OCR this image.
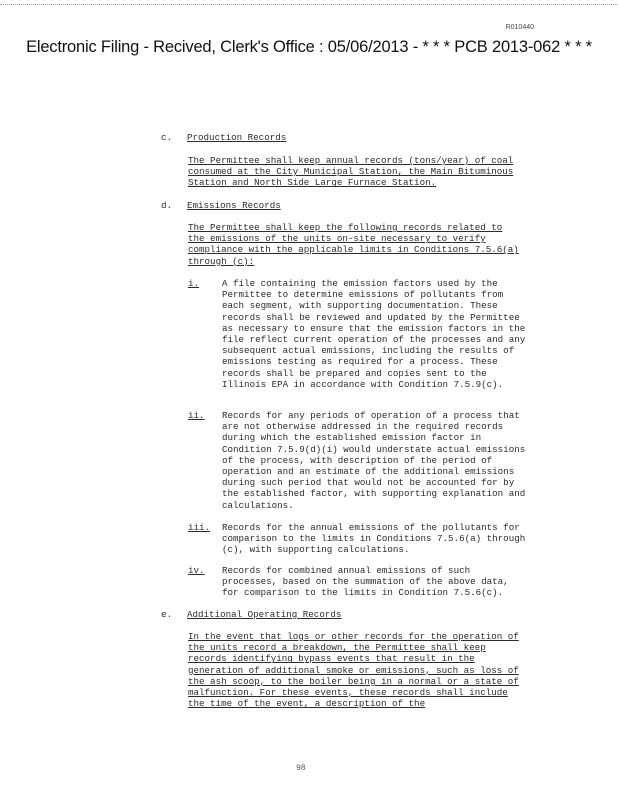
R010440
Electronic Filing - Recived, Clerk's Office : 05/06/2013 - * * * PCB 2013-062 * * *
c. Production Records
The Permittee shall keep annual records (tons/year) of coal consumed at the City Municipal Station, the Main Bituminous Station and North Side Large Furnace Station.
d. Emissions Records
The Permittee shall keep the following records related to the emissions of the units on-site necessary to verify compliance with the applicable limits in Conditions 7.5.6(a) through (c):
i. A file containing the emission factors used by the Permittee to determine emissions of pollutants from each segment, with supporting documentation. These records shall be reviewed and updated by the Permittee as necessary to ensure that the emission factors in the file reflect current operation of the processes and any subsequent actual emissions, including the results of emissions testing as required for a process. These records shall be prepared and copies sent to the Illinois EPA in accordance with Condition 7.5.9(c).
ii. Records for any periods of operation of a process that are not otherwise addressed in the required records during which the established emission factor in Condition 7.5.9(d)(i) would understate actual emissions of the process, with description of the period of operation and an estimate of the additional emissions during such period that would not be accounted for by the established factor, with supporting explanation and calculations.
iii. Records for the annual emissions of the pollutants for comparison to the limits in Conditions 7.5.6(a) through (c), with supporting calculations.
iv. Records for combined annual emissions of such processes, based on the summation of the above data, for comparison to the limits in Condition 7.5.6(c).
e. Additional Operating Records
In the event that logs or other records for the operation of the units record a breakdown, the Permittee shall keep records identifying bypass events that result in the generation of additional smoke or emissions, such as loss of the ash scoop, to the boiler being in a normal or a state of malfunction. For these events, these records shall include the time of the event, a description of the
98
